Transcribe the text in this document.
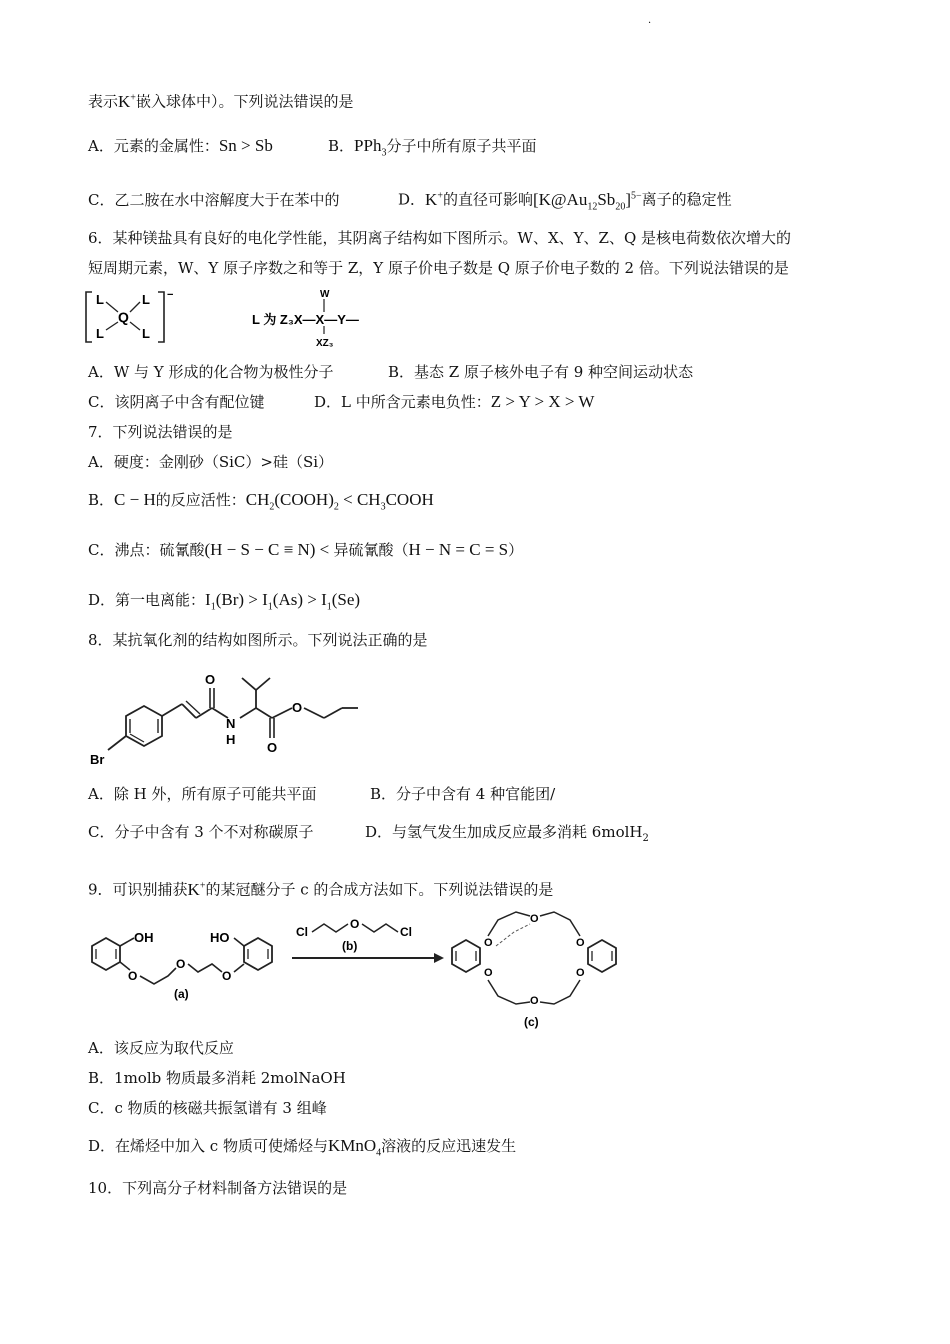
·
表示K+嵌入球体中）。下列说法错误的是
A．元素的金属性：Sn > Sb	B．PPh$_3$分子中所有原子共平面
C．乙二胺在水中溶解度大于在苯中的	D．K+的直径可影响$[K@Au_{12}Sb_{20}]^{5-}$离子的稳定性
6．某种镁盐具有良好的电化学性能，其阴离子结构如下图所示。W、X、Y、Z、Q 是核电荷数依次增大的
短周期元素，W、Y 原子序数之和等于 Z，Y 原子价电子数是 Q 原子价电子数的 2 倍。下列说法错误的是
−
L	L
L	L
Q	L 为 Z₃X—X—Y—
W
XZ₃
A．W 与 Y 形成的化合物为极性分子	B．基态 Z 原子核外电子有 9 种空间运动状态
C．该阴离子中含有配位键	D．L 中所含元素电负性：Z > Y > X > W
7．下列说法错误的是
A．硬度：金刚砂（SiC）>硅（Si）
B．C − H的反应活性：$CH_2(COOH)_2$ < $CH_3COOH$
C．沸点：硫氰酸(H − S − C ≡ N) < 异硫氰酸（H − N = C = S）
D．第一电离能：$I_1(Br) > I_1(As) > I_1(Se)$
8．某抗氧化剂的结构如图所示。下列说法正确的是
Br
O
N
H
O
O
A．除 H 外，所有原子可能共平面	B．分子中含有 4 种官能团/
C．分子中含有 3 个不对称碳原子	D．与氢气发生加成反应最多消耗 6molH$_2$
9．可识别捕获K+的某冠醚分子 c 的合成方法如下。下列说法错误的是
OH
O
O
O
HO
(a)
Cl
O
Cl
(b)	O
O
O
O
O
O
(c)
A．该反应为取代反应
B．1molb 物质最多消耗 2molNaOH
C．c 物质的核磁共振氢谱有 3 组峰
D．在烯烃中加入 c 物质可使烯烃与KMnO$_4$溶液的反应迅速发生
10．下列高分子材料制备方法错误的是
